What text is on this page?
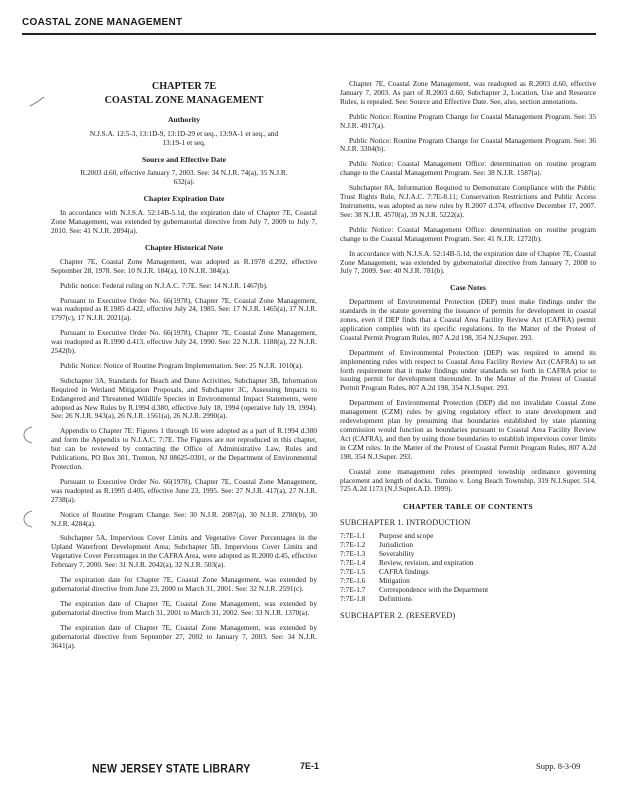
COASTAL ZONE MANAGEMENT
CHAPTER 7E
COASTAL ZONE MANAGEMENT
Authority
N.J.S.A. 12:5-3, 13:1D-9, 13:1D-29 et seq., 13:9A-1 et seq., and 13:19-1 et seq.
Source and Effective Date
R.2003 d.60, effective January 7, 2003. See: 34 N.J.R. 74(a), 35 N.J.R. 632(a).
Chapter Expiration Date
In accordance with N.J.S.A. 52:14B-5.1d, the expiration date of Chapter 7E, Coastal Zone Management, was extended by gubernatorial directive from July 7, 2009 to July 7, 2010. See: 41 N.J.R. 2894(a).
Chapter Historical Note
Chapter 7E, Coastal Zone Management, was adopted as R.1978 d.292, effective September 28, 1978. See: 10 N.J.R. 184(a), 10 N.J.R. 384(a).
Public notice: Federal ruling on N.J.A.C. 7:7E. See: 14 N.J.R. 1467(b).
Pursuant to Executive Order No. 66(1978), Chapter 7E, Coastal Zone Management, was readopted as R.1985 d.422, effective July 24, 1985. See: 17 N.J.R. 1465(a), 17 N.J.R. 1797(c), 17 N.J.R. 2021(a).
Pursuant to Executive Order No. 66(1978), Chapter 7E, Coastal Zone Management, was readopted as R.1990 d.413, effective July 24, 1990. See: 22 N.J.R. 1188(a), 22 N.J.R. 2542(b).
Public Notice: Notice of Routine Program Implementation. See: 25 N.J.R. 1010(a).
Subchapter 3A, Standards for Beach and Dune Activities, Subchapter 3B, Information Required in Wetland Mitigation Proposals, and Subchapter 3C, Assessing Impacts to Endangered and Threatened Wildlife Species in Environmental Impact Statements, were adopted as New Rules by R.1994 d.380, effective July 18, 1994 (operative July 19, 1994). See: 26 N.J.R. 943(a), 26 N.J.R. 1561(a), 26 N.J.R. 2990(a).
Appendix to Chapter 7E: Figures 1 through 16 were adopted as a part of R.1994 d.380 and form the Appendix to N.J.A.C. 7:7E. The Figures are not reproduced in this chapter, but can be reviewed by contacting the Office of Administrative Law, Rules and Publications, PO Box 301, Trenton, NJ 08625-0301, or the Department of Environmental Protection.
Pursuant to Executive Order No. 66(1978), Chapter 7E, Coastal Zone Management, was readopted as R.1995 d.405, effective June 23, 1995. See: 27 N.J.R. 417(a), 27 N.J.R. 2738(a).
Notice of Routine Program Change. See: 30 N.J.R. 2087(a), 30 N.J.R. 2780(b), 30 N.J.R. 4284(a).
Subchapter 5A, Impervious Cover Limits and Vegetative Cover Percentages in the Upland Waterfront Development Area; Subchapter 5B, Impervious Cover Limits and Vegetative Cover Percentages in the CAFRA Area, were adopted as R.2000 d.45, effective February 7, 2000. See: 31 N.J.R. 2042(a), 32 N.J.R. 503(a).
The expiration date for Chapter 7E, Coastal Zone Management, was extended by gubernatorial directive from June 23, 2000 to March 31, 2001. See: 32 N.J.R. 2591(c).
The expiration date of Chapter 7E, Coastal Zone Management, was extended by gubernatorial directive from March 31, 2001 to March 31, 2002. See: 33 N.J.R. 1370(a).
The expiration date of Chapter 7E, Coastal Zone Management, was extended by gubernatorial directive from September 27, 2002 to January 7, 2003. See: 34 N.J.R. 3641(a).
Chapter 7E, Coastal Zone Management, was readopted as R.2003 d.60, effective January 7, 2003. As part of R.2003 d.60, Subchapter 2, Location, Use and Resource Rules, is repealed. See: Source and Effective Date. See, also, section annotations.
Public Notice: Routine Program Change for Coastal Management Program. See: 35 N.J.R. 4917(a).
Public Notice: Routine Program Change for Coastal Management Program. See: 36 N.J.R. 3304(b).
Public Notice: Coastal Management Office: determination on routine program change to the Coastal Management Program. See: 38 N.J.R. 1587(a).
Subchapter 8A, Information Required to Demonstrate Compliance with the Public Trust Rights Rule, N.J.A.C. 7:7E-8.11; Conservation Restrictions and Public Access Instruments, was adopted as new rules by R.2007 d.374, effective December 17, 2007. See: 38 N.J.R. 4570(a), 39 N.J.R. 5222(a).
Public Notice: Coastal Management Office: determination on routine program change to the Coastal Management Program. See: 41 N.J.R. 1272(b).
In accordance with N.J.S.A. 52:14B-5.1d, the expiration date of Chapter 7E, Coastal Zone Management, was extended by gubernatorial directive from January 7, 2008 to July 7, 2009. See: 40 N.J.R. 781(b).
Case Notes
Department of Environmental Protection (DEP) must make findings under the standards in the statute governing the issuance of permits for development in coastal zones, even if DEP finds that a Coastal Area Facility Review Act (CAFRA) permit application complies with its specific regulations. In the Matter of the Protest of Coastal Permit Program Rules, 807 A.2d 198, 354 N.J.Super. 293.
Department of Environmental Protection (DEP) was required to amend its implementing rules with respect to Coastal Area Facility Review Act (CAFRA) to set forth requirement that it make findings under standards set forth in CAFRA prior to issuing permit for development thereunder. In the Matter of the Protest of Coastal Permit Program Rules, 807 A.2d 198, 354 N.J.Super. 293.
Department of Environmental Protection (DEP) did not invalidate Coastal Zone management (CZM) rules by giving regulatory effect to state development and redevelopment plan by presuming that boundaries established by state planning commission would function as boundaries pursuant to Coastal Area Facility Review Act (CAFRA), and then by using those boundaries to establish impervious cover limits in CZM rules. In the Matter of the Protest of Coastal Permit Program Rules, 807 A.2d 198, 354 N.J.Super. 293.
Coastal zone management rules preempted township ordinance governing placement and length of docks. Tumino v. Long Beach Township, 319 N.J.Super. 514, 725 A.2d 1173 (N.J.Super.A.D. 1999).
CHAPTER TABLE OF CONTENTS
SUBCHAPTER 1. INTRODUCTION
7:7E-1.1	Purpose and scope
7:7E-1.2	Jurisdiction
7:7E-1.3	Severability
7:7E-1.4	Review, revision, and expiration
7:7E-1.5	CAFRA findings
7:7E-1.6	Mitigation
7:7E-1.7	Correspondence with the Department
7:7E-1.8	Definitions
SUBCHAPTER 2. (RESERVED)
NEW JERSEY STATE LIBRARY	7E-1	Supp. 8-3-09
